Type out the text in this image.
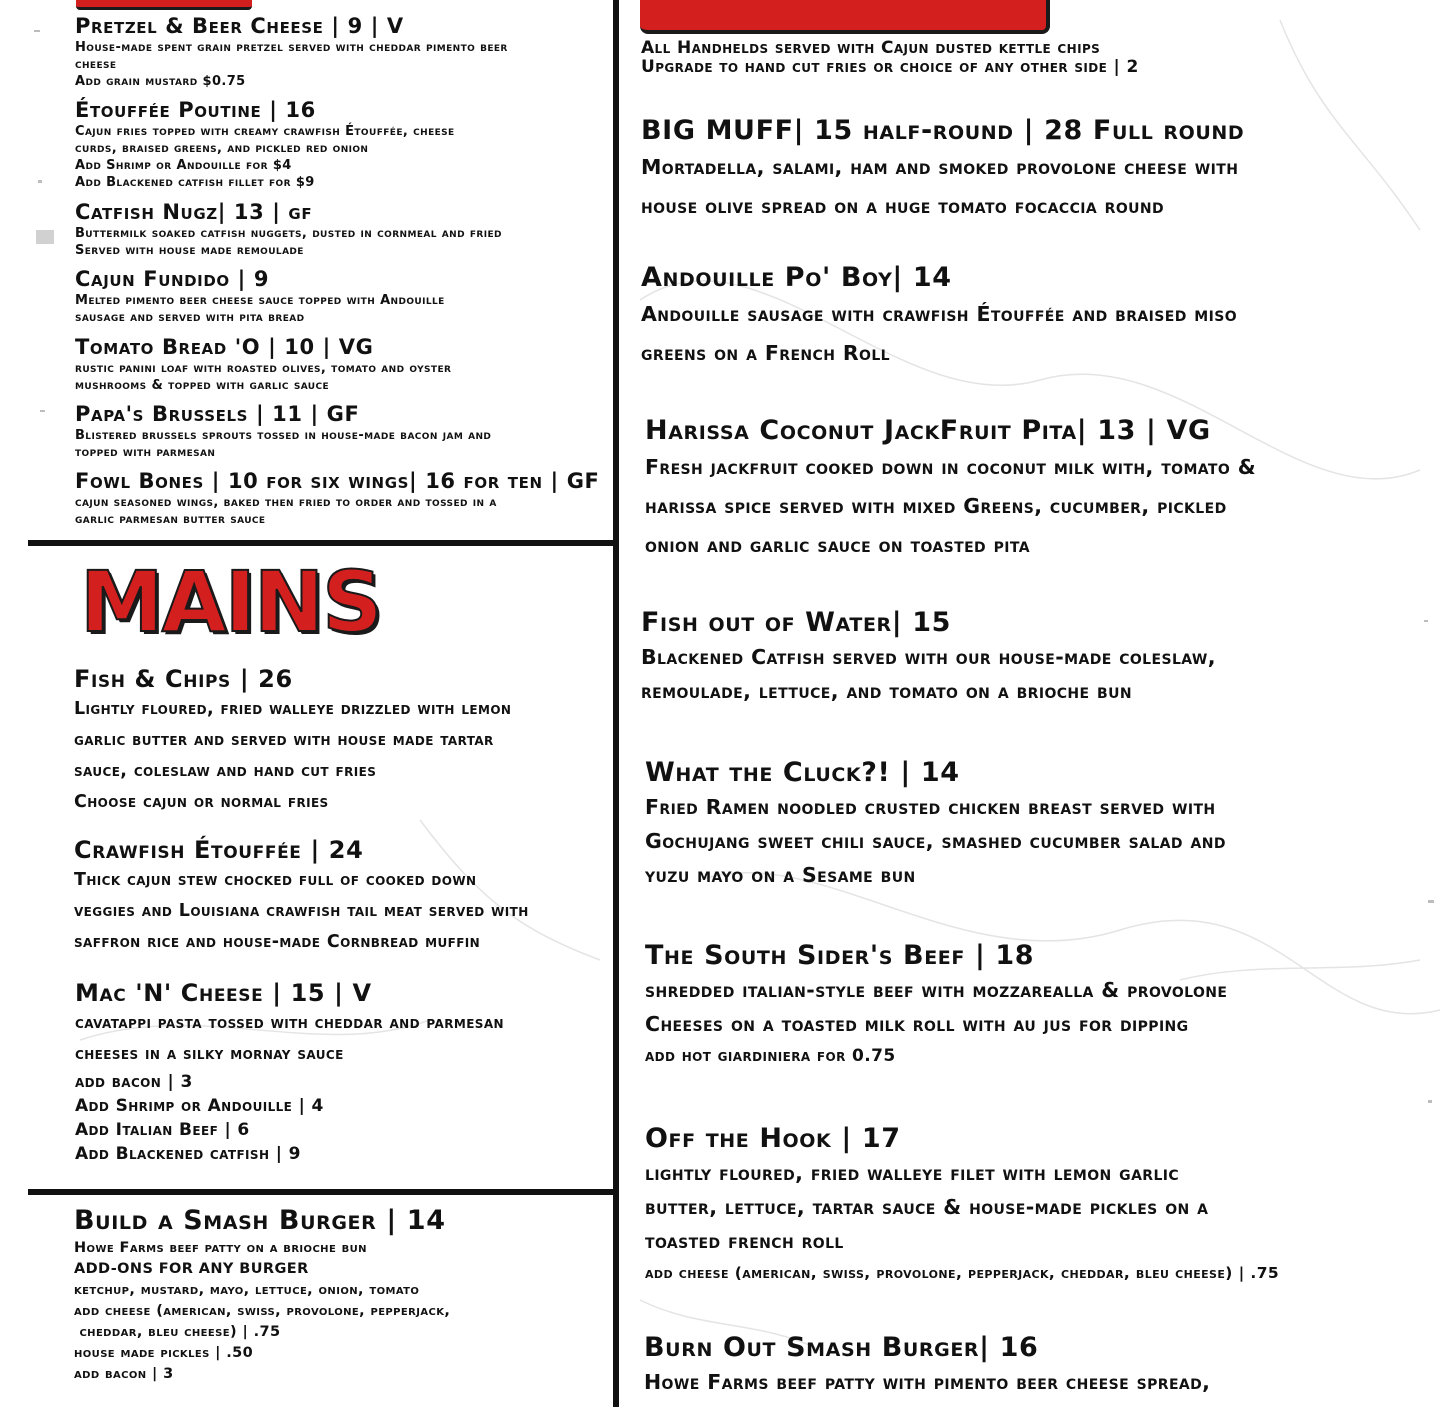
Pretzel & Beer Cheese | 9 | V
House-made spent grain pretzel served with cheddar pimento beer
cheese
Add grain mustard $0.75
Étouffée Poutine | 16
Cajun fries topped with creamy crawfish Étouffée, cheese
curds, braised greens, and pickled red onion
Add Shrimp or Andouille for $4
Add Blackened catfish fillet for $9
Catfish Nugz| 13 | gf
Buttermilk soaked catfish nuggets, dusted in cornmeal and fried
Served with house made remoulade
Cajun Fundido | 9
Melted pimento beer cheese sauce topped with Andouille
sausage and served with pita bread
Tomato Bread 'O | 10 | VG
rustic panini loaf with roasted olives, tomato and oyster
mushrooms & topped with garlic sauce
Papa's Brussels | 11 | GF
Blistered brussels sprouts tossed in house-made bacon jam and
topped with parmesan
Fowl Bones | 10 for six wings| 16 for ten | GF
cajun seasoned wings, baked then fried to order and tossed in a
garlic parmesan butter sauce
MAINS
Fish & Chips | 26
Lightly floured, fried walleye drizzled with lemon
garlic butter and served with house made tartar
sauce, coleslaw and hand cut fries
Choose cajun or normal fries
Crawfish Étouffée | 24
Thick cajun stew chocked full of cooked down
veggies and Louisiana crawfish tail meat served with
saffron rice and house-made Cornbread muffin
Mac 'N' Cheese | 15 | V
cavatappi pasta tossed with cheddar and parmesan
cheeses in a silky mornay sauce
add bacon | 3
Add Shrimp or Andouille | 4
Add Italian Beef | 6
Add Blackened catfish | 9
Build a Smash Burger | 14
Howe Farms beef patty on a brioche bun
ADD-ONS FOR ANY BURGER
ketchup, mustard, mayo, lettuce, onion, tomato
add cheese (american, swiss, provolone, pepperjack,
cheddar, bleu cheese) | .75
house made pickles | .50
add bacon | 3
All Handhelds served with Cajun dusted kettle chips
Upgrade to hand cut fries or choice of any other side | 2
BIG MUFF| 15 half-round | 28 Full round
Mortadella, salami, ham and smoked provolone cheese with
house olive spread on a huge tomato focaccia round
Andouille Po' Boy| 14
Andouille sausage with crawfish Étouffée and braised miso
greens on a French Roll
Harissa Coconut JackFruit Pita| 13 | VG
Fresh jackfruit cooked down in coconut milk with, tomato &
harissa spice served with mixed Greens, cucumber, pickled
onion and garlic sauce on toasted pita
Fish out of Water| 15
Blackened Catfish served with our house-made coleslaw,
remoulade, lettuce, and tomato on a brioche bun
What the Cluck?! | 14
Fried Ramen noodled crusted chicken breast served with
Gochujang sweet chili sauce, smashed cucumber salad and
yuzu mayo on a Sesame bun
The South Sider's Beef | 18
shredded italian-style beef with mozzarealla & provolone
Cheeses on a toasted milk roll with au jus for dipping
add hot giardiniera for 0.75
Off the Hook | 17
lightly floured, fried walleye filet with lemon garlic
butter, lettuce, tartar sauce & house-made pickles on a
toasted french roll
add cheese (american, swiss, provolone, pepperjack, cheddar, bleu cheese) | .75
Burn Out Smash Burger| 16
Howe Farms beef patty with pimento beer cheese spread,
